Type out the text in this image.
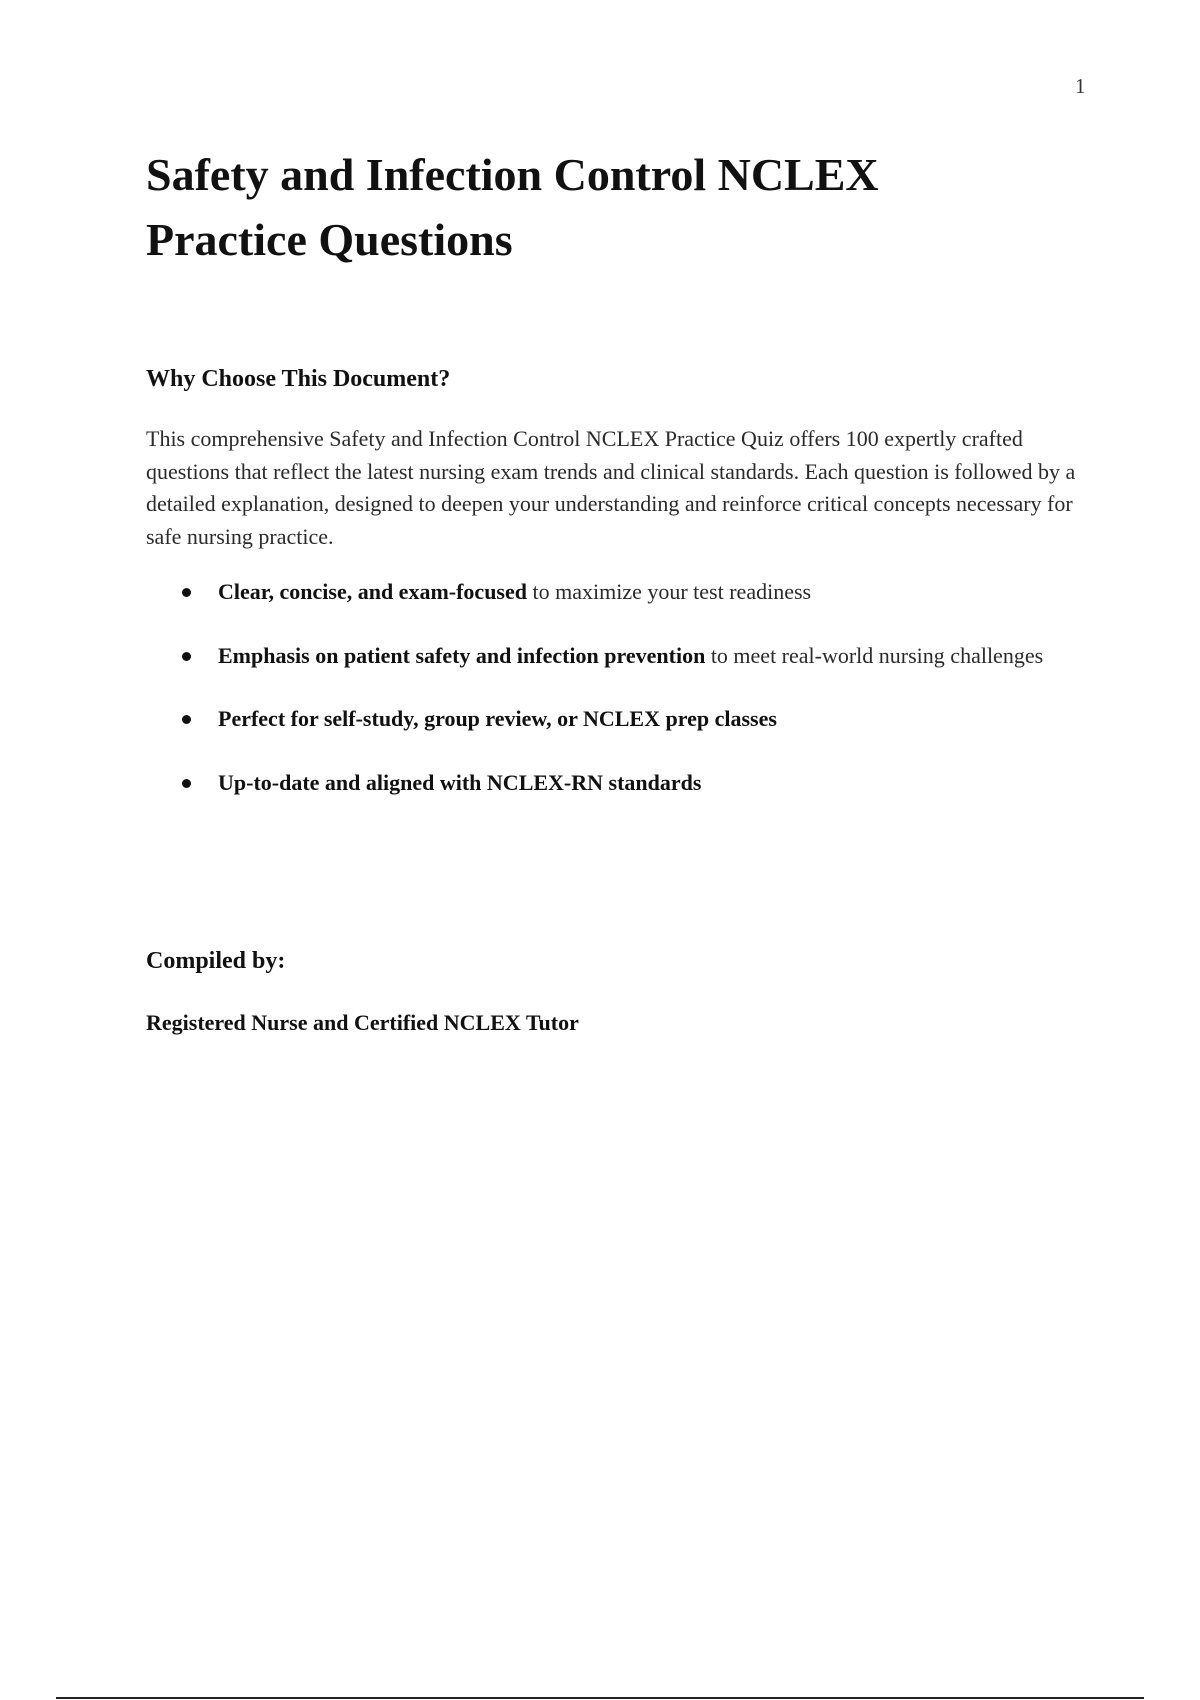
1
Safety and Infection Control NCLEX
Practice Questions
Why Choose This Document?

This comprehensive Safety and Infection Control NCLEX Practice Quiz offers 100 expertly crafted questions that reflect the latest nursing exam trends and clinical standards. Each question is followed by a detailed explanation, designed to deepen your understanding and reinforce critical concepts necessary for safe nursing practice.

Clear, concise, and exam-focused to maximize your test readiness
Emphasis on patient safety and infection prevention to meet real-world nursing challenges
Perfect for self-study, group review, or NCLEX prep classes
Up-to-date and aligned with NCLEX-RN standards
Compiled by:

Registered Nurse and Certified NCLEX Tutor
